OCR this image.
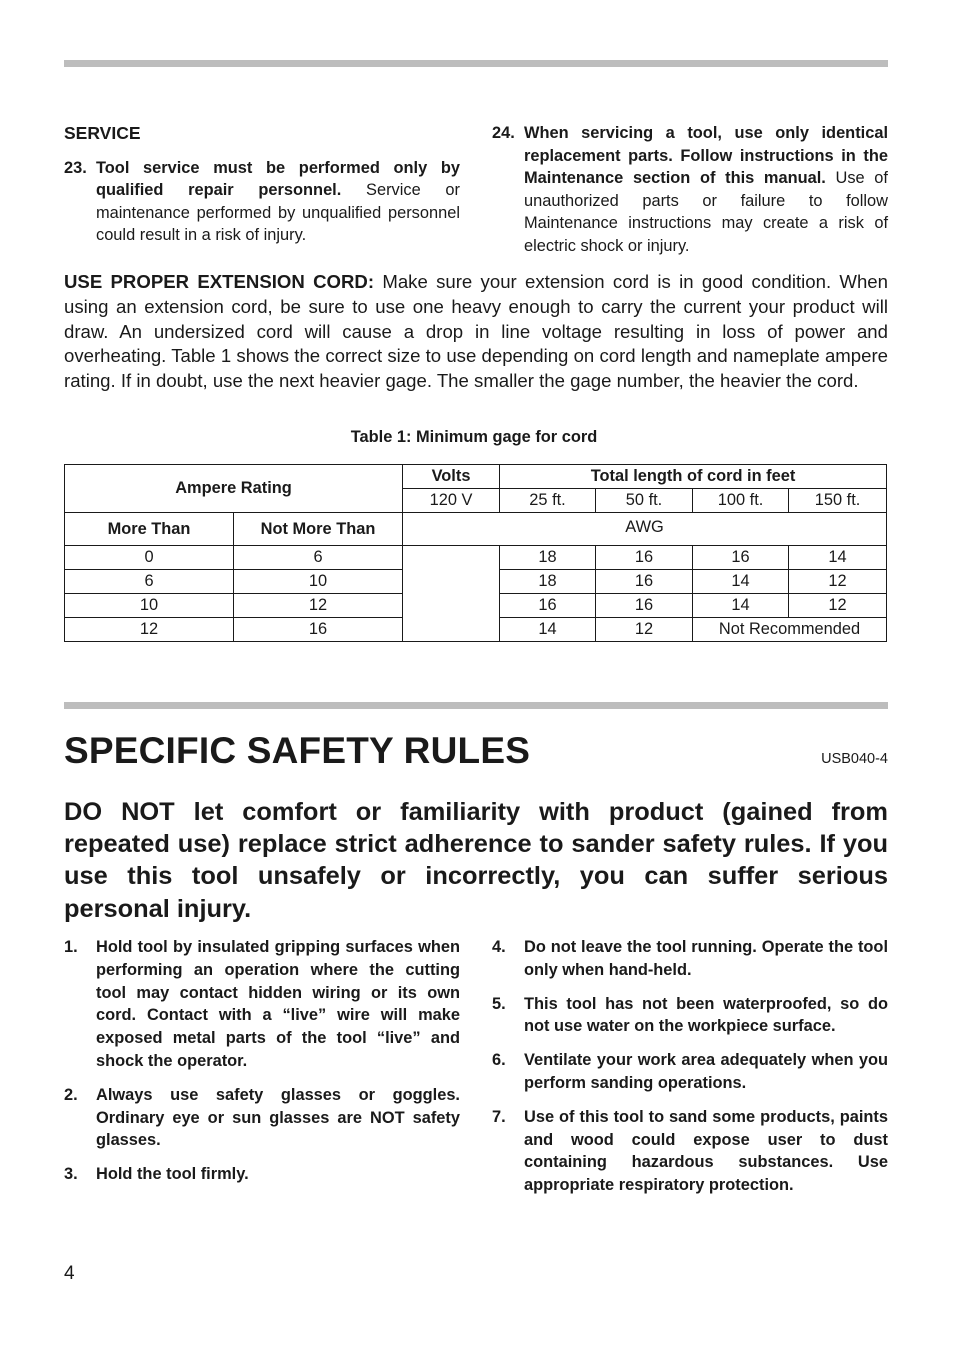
SERVICE
23. Tool service must be performed only by qualified repair personnel. Service or maintenance performed by unqualified personnel could result in a risk of injury.
24. When servicing a tool, use only identical replacement parts. Follow instructions in the Maintenance section of this manual. Use of unauthorized parts or failure to follow Maintenance instructions may create a risk of electric shock or injury.
USE PROPER EXTENSION CORD: Make sure your extension cord is in good condition. When using an extension cord, be sure to use one heavy enough to carry the current your product will draw. An undersized cord will cause a drop in line voltage resulting in loss of power and overheating. Table 1 shows the correct size to use depending on cord length and nameplate ampere rating. If in doubt, use the next heavier gage. The smaller the gage number, the heavier the cord.
Table 1: Minimum gage for cord
Ampere Rating		Volts	Total length of cord in feet			
		120 V	25 ft.	50 ft.	100 ft.	150 ft.
More Than	Not More Than	AWG				
0	6		18	16	16	14
6	10		18	16	14	12
10	12		16	16	14	12
12	16		14	12	Not Recommended	
SPECIFIC SAFETY RULES	USB040-4
DO NOT let comfort or familiarity with product (gained from repeated use) replace strict adherence to sander safety rules. If you use this tool unsafely or incorrectly, you can suffer serious personal injury.
1. Hold tool by insulated gripping surfaces when performing an operation where the cutting tool may contact hidden wiring or its own cord. Contact with a “live” wire will make exposed metal parts of the tool “live” and shock the operator.
2. Always use safety glasses or goggles. Ordinary eye or sun glasses are NOT safety glasses.
3. Hold the tool firmly.
4. Do not leave the tool running. Operate the tool only when hand-held.
5. This tool has not been waterproofed, so do not use water on the workpiece surface.
6. Ventilate your work area adequately when you perform sanding operations.
7. Use of this tool to sand some products, paints and wood could expose user to dust containing hazardous substances. Use appropriate respiratory protection.
4
